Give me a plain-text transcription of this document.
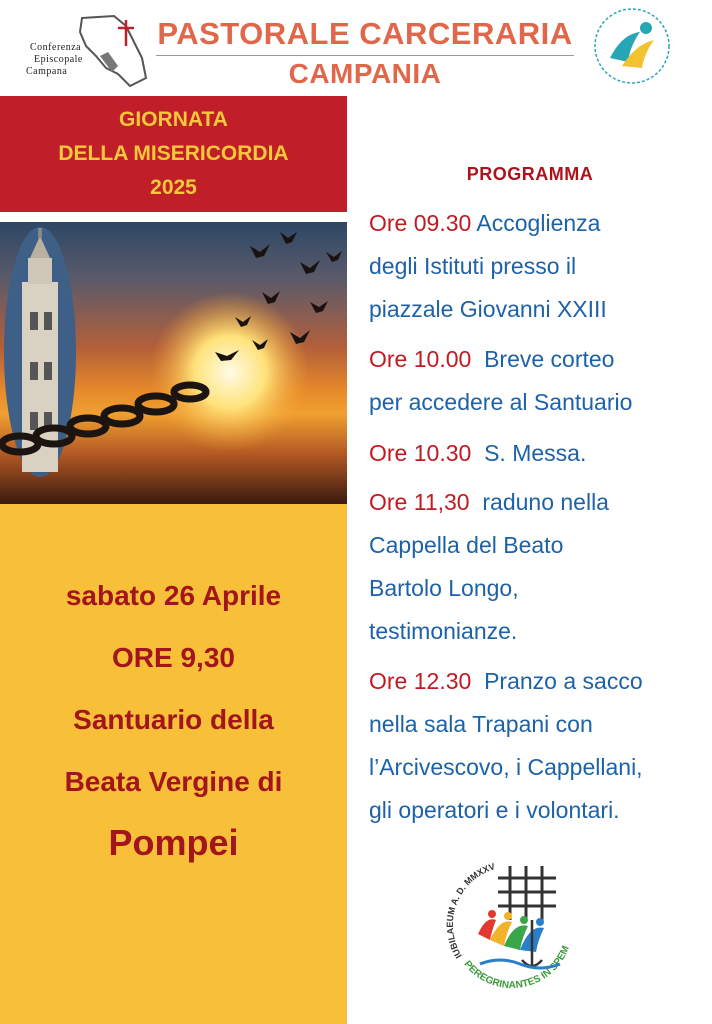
Conferenza
Episcopale
Campana
PASTORALE CARCERARIA
CAMPANIA
GIORNATA
DELLA MISERICORDIA
2025
sabato 26 Aprile
ORE 9,30
Santuario della
Beata Vergine di
Pompei
PROGRAMMA
Ore 09.30 Accoglienza
degli Istituti presso il
piazzale Giovanni XXIII
Ore 10.00 Breve corteo
per accedere al Santuario
Ore 10.30 S. Messa.
Ore 11,30 raduno nella
Cappella del Beato
Bartolo Longo,
testimonianze.
Ore 12.30 Pranzo a sacco
nella sala Trapani con
l’Arcivescovo, i Cappellani,
gli operatori e i volontari.
IUBILAEUM A. D. MMXXV
PEREGRINANTES IN SPEM
